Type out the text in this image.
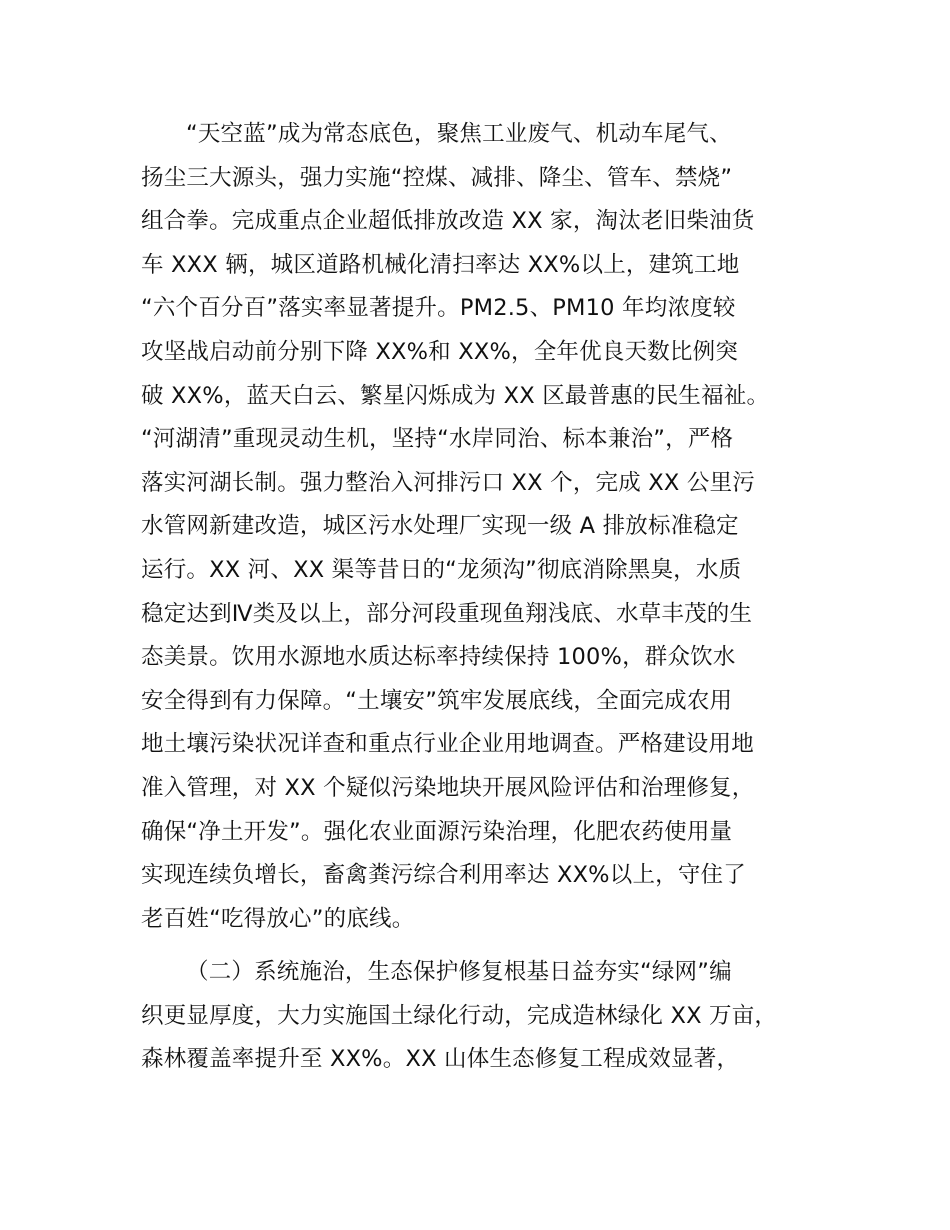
“天空蓝”成为常态底色，聚焦工业废气、机动车尾气、
扬尘三大源头，强力实施“控煤、减排、降尘、管车、禁烧”
组合拳。完成重点企业超低排放改造 XX 家，淘汰老旧柴油货
车 XXX 辆，城区道路机械化清扫率达 XX%以上，建筑工地
“六个百分百”落实率显著提升。PM2.5、PM10 年均浓度较
攻坚战启动前分别下降 XX%和 XX%，全年优良天数比例突
破 XX%，蓝天白云、繁星闪烁成为 XX 区最普惠的民生福祉。
“河湖清”重现灵动生机，坚持“水岸同治、标本兼治”，严格
落实河湖长制。强力整治入河排污口 XX 个，完成 XX 公里污
水管网新建改造，城区污水处理厂实现一级 A 排放标准稳定
运行。XX 河、XX 渠等昔日的“龙须沟”彻底消除黑臭，水质
稳定达到Ⅳ类及以上，部分河段重现鱼翔浅底、水草丰茂的生
态美景。饮用水源地水质达标率持续保持 100%，群众饮水
安全得到有力保障。“土壤安”筑牢发展底线，全面完成农用
地土壤污染状况详查和重点行业企业用地调查。严格建设用地
准入管理，对 XX 个疑似污染地块开展风险评估和治理修复，
确保“净土开发”。强化农业面源污染治理，化肥农药使用量
实现连续负增长，畜禽粪污综合利用率达 XX%以上，守住了
老百姓“吃得放心”的底线。
（二）系统施治，生态保护修复根基日益夯实“绿网”编
织更显厚度，大力实施国土绿化行动，完成造林绿化 XX 万亩，
森林覆盖率提升至 XX%。XX 山体生态修复工程成效显著，
